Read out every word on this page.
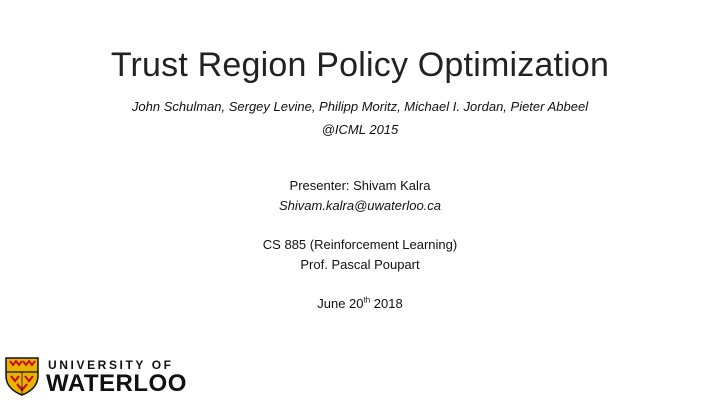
Trust Region Policy Optimization
John Schulman, Sergey Levine, Philipp Moritz, Michael I. Jordan, Pieter Abbeel
@ICML 2015
Presenter: Shivam Kalra
Shivam.kalra@uwaterloo.ca
CS 885 (Reinforcement Learning)
Prof. Pascal Poupart
June 20th 2018
UNIVERSITY OF
WATERLOO
